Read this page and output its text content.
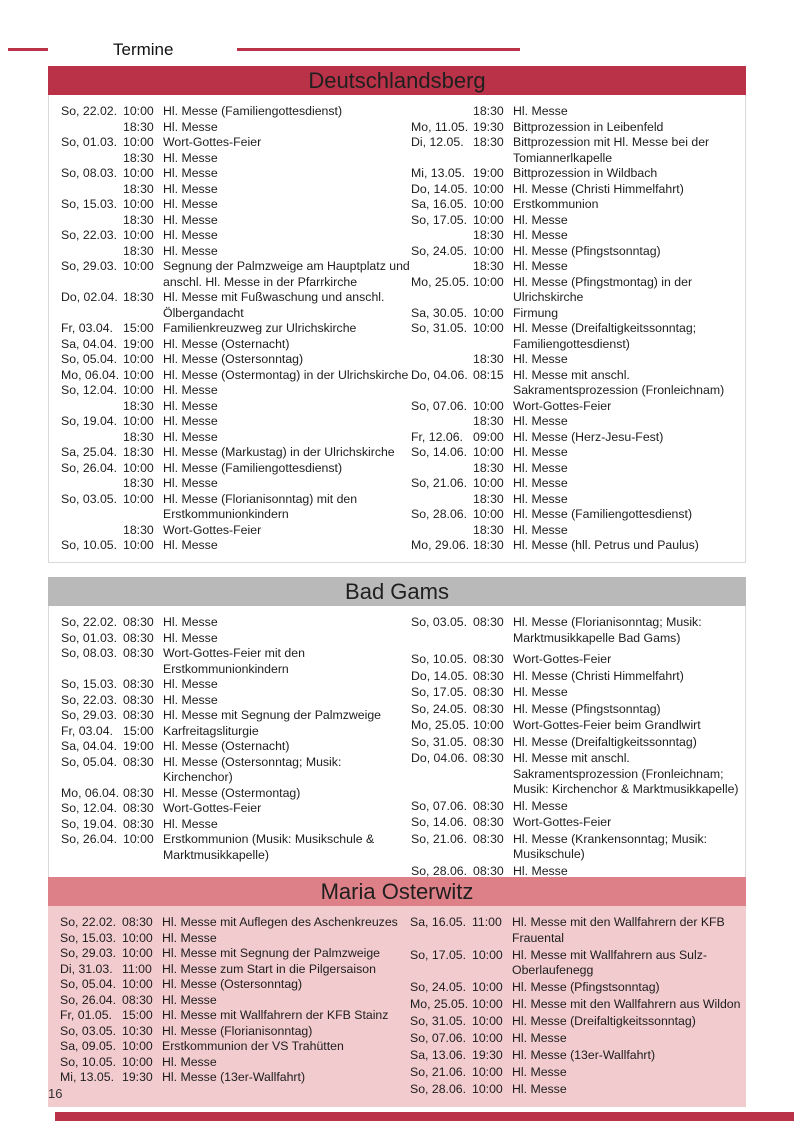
Termine
Deutschlandsberg
So, 22.02. 10:00 Hl. Messe (Familiengottesdienst)
18:30 Hl. Messe
So, 01.03. 10:00 Wort-Gottes-Feier
18:30 Hl. Messe
So, 08.03. 10:00 Hl. Messe
18:30 Hl. Messe
So, 15.03. 10:00 Hl. Messe
18:30 Hl. Messe
So, 22.03. 10:00 Hl. Messe
18:30 Hl. Messe
So, 29.03. 10:00 Segnung der Palmzweige am Hauptplatz und anschl. Hl. Messe in der Pfarrkirche
Do, 02.04. 18:30 Hl. Messe mit Fußwaschung und anschl. Ölbergandacht
Fr, 03.04. 15:00 Familienkreuzweg zur Ulrichskirche
Sa, 04.04. 19:00 Hl. Messe (Osternacht)
So, 05.04. 10:00 Hl. Messe (Ostersonntag)
Mo, 06.04. 10:00 Hl. Messe (Ostermontag) in der Ulrichskirche
So, 12.04. 10:00 Hl. Messe
18:30 Hl. Messe
So, 19.04. 10:00 Hl. Messe
18:30 Hl. Messe
Sa, 25.04. 18:30 Hl. Messe (Markustag) in der Ulrichskirche
So, 26.04. 10:00 Hl. Messe (Familiengottesdienst)
18:30 Hl. Messe
So, 03.05. 10:00 Hl. Messe (Florianisonntag) mit den Erstkommunionkindern
18:30 Wort-Gottes-Feier
So, 10.05. 10:00 Hl. Messe
18:30 Hl. Messe
Mo, 11.05. 19:30 Bittprozession in Leibenfeld
Di, 12.05. 18:30 Bittprozession mit Hl. Messe bei der Tomiannerlkapelle
Mi, 13.05. 19:00 Bittprozession in Wildbach
Do, 14.05. 10:00 Hl. Messe (Christi Himmelfahrt)
Sa, 16.05. 10:00 Erstkommunion
So, 17.05. 10:00 Hl. Messe
18:30 Hl. Messe
So, 24.05. 10:00 Hl. Messe (Pfingstsonntag)
18:30 Hl. Messe
Mo, 25.05. 10:00 Hl. Messe (Pfingstmontag) in der Ulrichskirche
Sa, 30.05. 10:00 Firmung
So, 31.05. 10:00 Hl. Messe (Dreifaltigkeitssonntag; Familiengottesdienst)
18:30 Hl. Messe
Do, 04.06. 08:15 Hl. Messe mit anschl. Sakramentsprozession (Fronleichnam)
So, 07.06. 10:00 Wort-Gottes-Feier
18:30 Hl. Messe
Fr, 12.06. 09:00 Hl. Messe (Herz-Jesu-Fest)
So, 14.06. 10:00 Hl. Messe
18:30 Hl. Messe
So, 21.06. 10:00 Hl. Messe
18:30 Hl. Messe
So, 28.06. 10:00 Hl. Messe (Familiengottesdienst)
18:30 Hl. Messe
Mo, 29.06. 18:30 Hl. Messe (hll. Petrus und Paulus)
Bad Gams
So, 22.02. 08:30 Hl. Messe
So, 01.03. 08:30 Hl. Messe
So, 08.03. 08:30 Wort-Gottes-Feier mit den Erstkommunionkindern
So, 15.03. 08:30 Hl. Messe
So, 22.03. 08:30 Hl. Messe
So, 29.03. 08:30 Hl. Messe mit Segnung der Palmzweige
Fr, 03.04. 15:00 Karfreitagsliturgie
Sa, 04.04. 19:00 Hl. Messe (Osternacht)
So, 05.04. 08:30 Hl. Messe (Ostersonntag; Musik: Kirchenchor)
Mo, 06.04. 08:30 Hl. Messe (Ostermontag)
So, 12.04. 08:30 Wort-Gottes-Feier
So, 19.04. 08:30 Hl. Messe
So, 26.04. 10:00 Erstkommunion (Musik: Musikschule & Marktmusikkapelle)
So, 03.05. 08:30 Hl. Messe (Florianisonntag; Musik: Marktmusikkapelle Bad Gams)
So, 10.05. 08:30 Wort-Gottes-Feier
Do, 14.05. 08:30 Hl. Messe (Christi Himmelfahrt)
So, 17.05. 08:30 Hl. Messe
So, 24.05. 08:30 Hl. Messe (Pfingstsonntag)
Mo, 25.05. 10:00 Wort-Gottes-Feier beim Grandlwirt
So, 31.05. 08:30 Hl. Messe (Dreifaltigkeitssonntag)
Do, 04.06. 08:30 Hl. Messe mit anschl. Sakramentsprozession (Fronleichnam; Musik: Kirchenchor & Marktmusikkapelle)
So, 07.06. 08:30 Hl. Messe
So, 14.06. 08:30 Wort-Gottes-Feier
So, 21.06. 08:30 Hl. Messe (Krankensonntag; Musik: Musikschule)
So, 28.06. 08:30 Hl. Messe
Maria Osterwitz
So, 22.02. 08:30 Hl. Messe mit Auflegen des Aschenkreuzes
So, 15.03. 10:00 Hl. Messe
So, 29.03. 10:00 Hl. Messe mit Segnung der Palmzweige
Di, 31.03. 11:00 Hl. Messe zum Start in die Pilgersaison
So, 05.04. 10:00 Hl. Messe (Ostersonntag)
So, 26.04. 08:30 Hl. Messe
Fr, 01.05. 15:00 Hl. Messe mit Wallfahrern der KFB Stainz
So, 03.05. 10:30 Hl. Messe (Florianisonntag)
Sa, 09.05. 10:00 Erstkommunion der VS Trahütten
So, 10.05. 10:00 Hl. Messe
Mi, 13.05. 19:30 Hl. Messe (13er-Wallfahrt)
Sa, 16.05. 11:00 Hl. Messe mit den Wallfahrern der KFB Frauental
So, 17.05. 10:00 Hl. Messe mit Wallfahrern aus Sulz-Oberlaufenegg
So, 24.05. 10:00 Hl. Messe (Pfingstsonntag)
Mo, 25.05. 10:00 Hl. Messe mit den Wallfahrern aus Wildon
So, 31.05. 10:00 Hl. Messe (Dreifaltigkeitssonntag)
So, 07.06. 10:00 Hl. Messe
Sa, 13.06. 19:30 Hl. Messe (13er-Wallfahrt)
So, 21.06. 10:00 Hl. Messe
So, 28.06. 10:00 Hl. Messe
16
